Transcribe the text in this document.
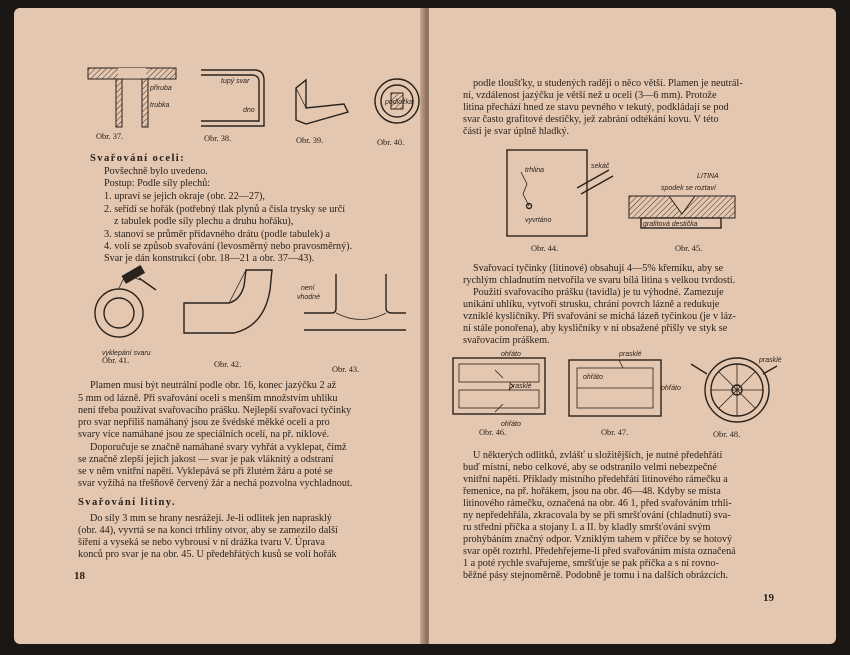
přiruba
trubka
tupý svar
dno
podložka
vyklepání svaru
není
vhodné
Obr. 37.	Obr. 38.	Obr. 39.	Obr. 40.
Svařování oceli:
Povšechně bylo uvedeno.
Postup: Podle síly plechů:
1. upraví se jejich okraje (obr. 22—27),
2. seřídí se hořák (potřebný tlak plynů a čísla trysky se určí
z tabulek podle síly plechu a druhu hořáku),
3. stanoví se průměr přídavného drátu (podle tabulek) a
4. volí se způsob svařování (levosměrný nebo pravosměrný).
Svar je dán konstrukcí (obr. 18—21 a obr. 37—43).
Obr. 41.	Obr. 42.
Obr. 43.
Plamen musí být neutrální podle obr. 16, konec jazýčku 2 až
5 mm od lázně. Při svařování oceli s menším množstvím uhlíku
není třeba používat svařovacího prášku. Nejlepší svařovací tyčinky
pro svar nepříliš namáhaný jsou ze švédské měkké oceli a pro
svary více namáhané jsou ze speciálních ocelí, na př. niklové.
Doporučuje se značně namáhané svary vyhřát a vyklepat, čímž
se značně zlepší jejich jakost — svar je pak vláknitý a odstraní
se v něm vnitřní napětí. Vyklepává se při žlutém žáru a poté se
svar vyžíhá na třešňově červený žár a nechá pozvolna vychladnout.
Svařování litiny.
Do síly 3 mm se hrany nesrážejí. Je-li odlitek jen naprasklý
(obr. 44), vyvrtá se na konci trhliny otvor, aby se zamezilo další
šíření a vyseká se nebo vybrousí v ní drážka tvaru V. Úprava
konců pro svar je na obr. 45. U předehřátých kusů se volí hořák
18
podle tloušťky, u studených raději o něco větší. Plamen je neutrál-
ní, vzdálenost jazýčku je větší než u oceli (3—6 mm). Protože
litina přechází hned ze stavu pevného v tekutý, podkládají se pod
svar často grafitové destičky, jež zabrání odtékání kovu. V této
části je svar úplně hladký.
trhlina
vyvrtáno
sekáč
LITINA
spodek se roztaví
grafitová destička
ohřáto
prasklé
ohřáto
prasklé
ohřáto
ohřáto
prasklé
Obr. 44.	Obr. 45.
Svařovací tyčinky (litinové) obsahují 4—5% křemíku, aby se
rychlým chladnutím netvořila ve svaru bílá litina s velkou tvrdostí.
Použití svařovacího prášku (tavidla) je tu výhodné. Zamezuje
unikání uhlíku, vytvoří strusku, chrání povrch lázně a redukuje
vzniklé kysličníky. Při svařování se míchá lázeň tyčinkou (je v láz-
ni stále ponořena), aby kysličníky v ní obsažené přišly ve styk se
svařovacím práškem.
Obr. 46.	Obr. 47.	Obr. 48.
U některých odlitků, zvlášť u složitějších, je nutné předehřátí
buď místní, nebo celkové, aby se odstranilo velmi nebezpečné
vnitřní napětí. Příklady místního předehřátí litinového rámečku a
řemenice, na př. hořákem, jsou na obr. 46—48. Kdyby se místa
litinového rámečku, označená na obr. 46 1, před svařováním trhli-
ny nepředehřála, zkracovala by se při smršťování (chladnutí) sva-
ru střední příčka a stojany I. a II. by kladly smršťování svým
prohýbáním značný odpor. Vzniklým tahem v příčce by se hotový
svar opět roztrhl. Předehřejeme-li před svařováním místa označená
1 a poté rychle svařujeme, smršťuje se pak příčka a s ní rovno-
běžné pásy stejnoměrně. Podobně je tomu i na dalších obrázcích.
19
